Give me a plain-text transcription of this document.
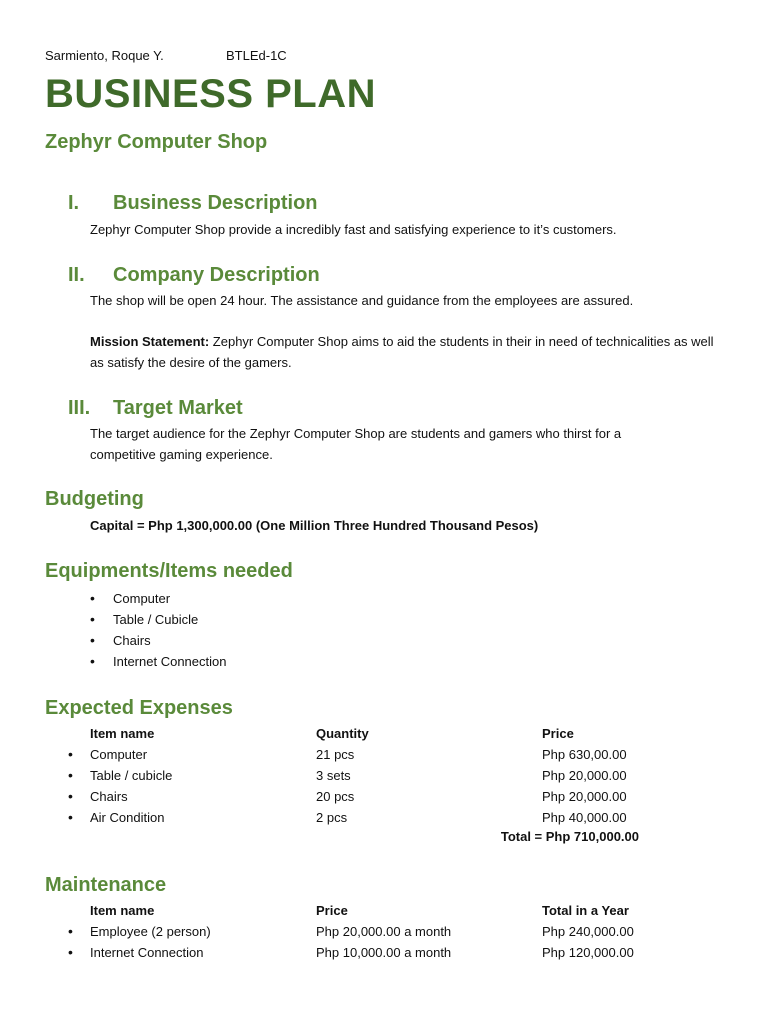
Sarmiento, Roque Y.	BTLEd-1C
BUSINESS PLAN
Zephyr Computer Shop
I. Business Description

Zephyr Computer Shop provide a incredibly fast and satisfying experience to it’s customers.

II. Company Description

The shop will be open 24 hour. The assistance and guidance from the employees are assured.

Mission Statement: Zephyr Computer Shop aims to aid the students in their in need of technicalities as well as satisfy the desire of the gamers.

III. Target Market

The target audience for the Zephyr Computer Shop are students and gamers who thirst for a competitive gaming experience.

Budgeting

Capital = Php 1,300,000.00 (One Million Three Hundred Thousand Pesos)

Equipments/Items needed
• Computer
• Table / Cubicle
• Chairs
• Internet Connection
Expected Expenses
Item name	Quantity	Price
• Computer	21 pcs	Php 630,00.00
• Table / cubicle	3 sets	Php 20,000.00
• Chairs	20 pcs	Php 20,000.00
• Air Condition	2 pcs	Php 40,000.00
Total = Php 710,000.00
Maintenance
Item name	Price	Total in a Year
• Employee (2 person)	Php 20,000.00 a month	Php 240,000.00
• Internet Connection	Php 10,000.00 a month	Php 120,000.00
